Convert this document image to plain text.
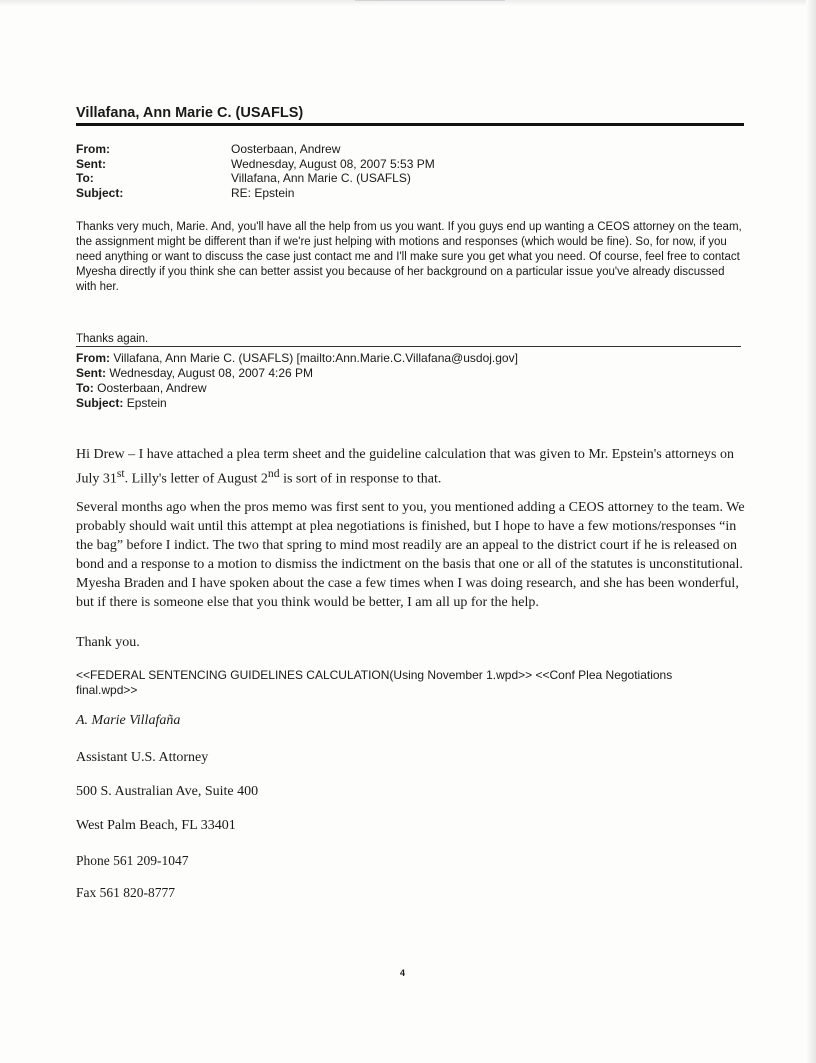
Villafana, Ann Marie C. (USAFLS)
From:	Oosterbaan, Andrew
Sent:	Wednesday, August 08, 2007 5:53 PM
To:	Villafana, Ann Marie C. (USAFLS)
Subject:	RE: Epstein

Thanks very much, Marie. And, you'll have all the help from us you want. If you guys end up wanting a CEOS attorney on the team, the assignment might be different than if we're just helping with motions and responses (which would be fine). So, for now, if you need anything or want to discuss the case just contact me and I'll make sure you get what you need. Of course, feel free to contact Myesha directly if you think she can better assist you because of her background on a particular issue you've already discussed with her.

Thanks again.
From: Villafana, Ann Marie C. (USAFLS) [mailto:Ann.Marie.C.Villafana@usdoj.gov]
Sent: Wednesday, August 08, 2007 4:26 PM
To: Oosterbaan, Andrew
Subject: Epstein

Hi Drew – I have attached a plea term sheet and the guideline calculation that was given to Mr. Epstein's attorneys on July 31st. Lilly's letter of August 2nd is sort of in response to that.

Several months ago when the pros memo was first sent to you, you mentioned adding a CEOS attorney to the team. We probably should wait until this attempt at plea negotiations is finished, but I hope to have a few motions/responses “in the bag” before I indict. The two that spring to mind most readily are an appeal to the district court if he is released on bond and a response to a motion to dismiss the indictment on the basis that one or all of the statutes is unconstitutional. Myesha Braden and I have spoken about the case a few times when I was doing research, and she has been wonderful, but if there is someone else that you think would be better, I am all up for the help.

Thank you.
<<FEDERAL SENTENCING GUIDELINES CALCULATION(Using November 1.wpd>> <<Conf Plea Negotiations final.wpd>>
A. Marie Villafaña
Assistant U.S. Attorney
500 S. Australian Ave, Suite 400
West Palm Beach, FL 33401
Phone 561 209-1047
Fax 561 820-8777
4
